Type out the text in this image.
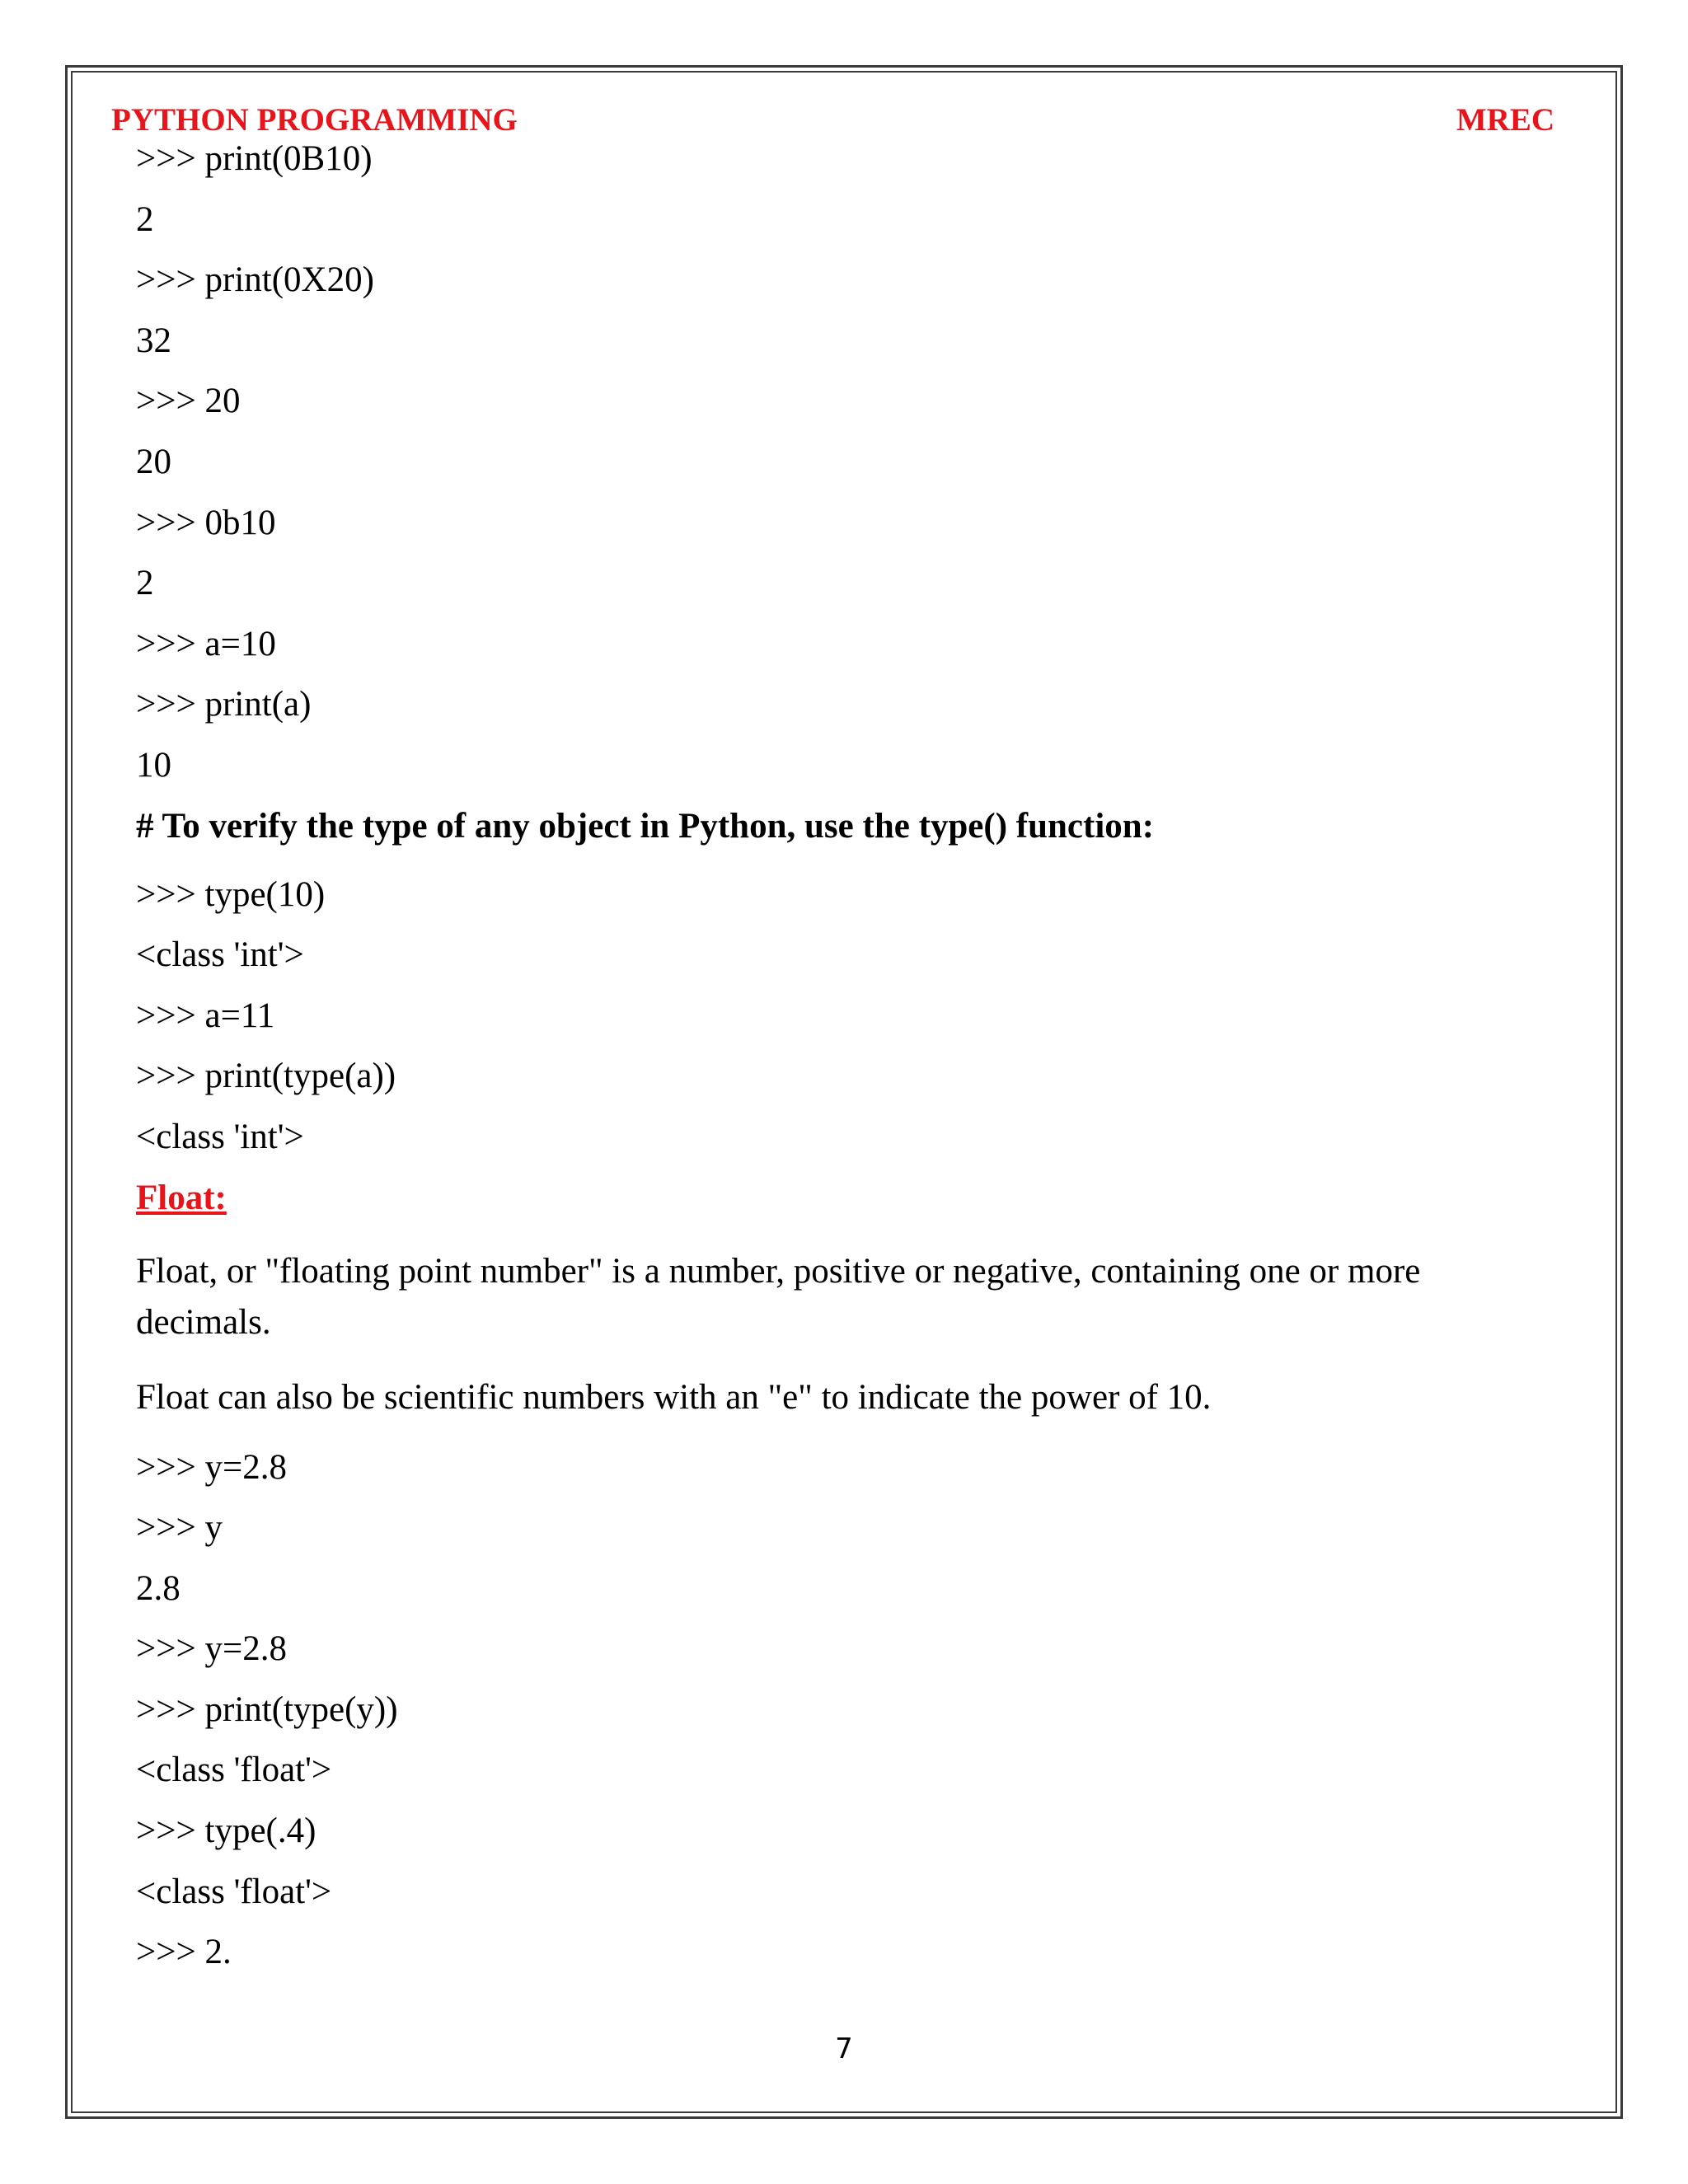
PYTHON PROGRAMMING	MREC
>>> print(0B10)
2
>>> print(0X20)
32
>>> 20
20
>>> 0b10
2
>>> a=10
>>> print(a)
10
# To verify the type of any object in Python, use the type() function:
>>> type(10)
<class 'int'>
>>> a=11
>>> print(type(a))
<class 'int'>
Float:
Float, or "floating point number" is a number, positive or negative, containing one or more decimals.
Float can also be scientific numbers with an "e" to indicate the power of 10.
>>> y=2.8
>>> y
2.8
>>> y=2.8
>>> print(type(y))
<class 'float'>
>>> type(.4)
<class 'float'>
>>> 2.
7
